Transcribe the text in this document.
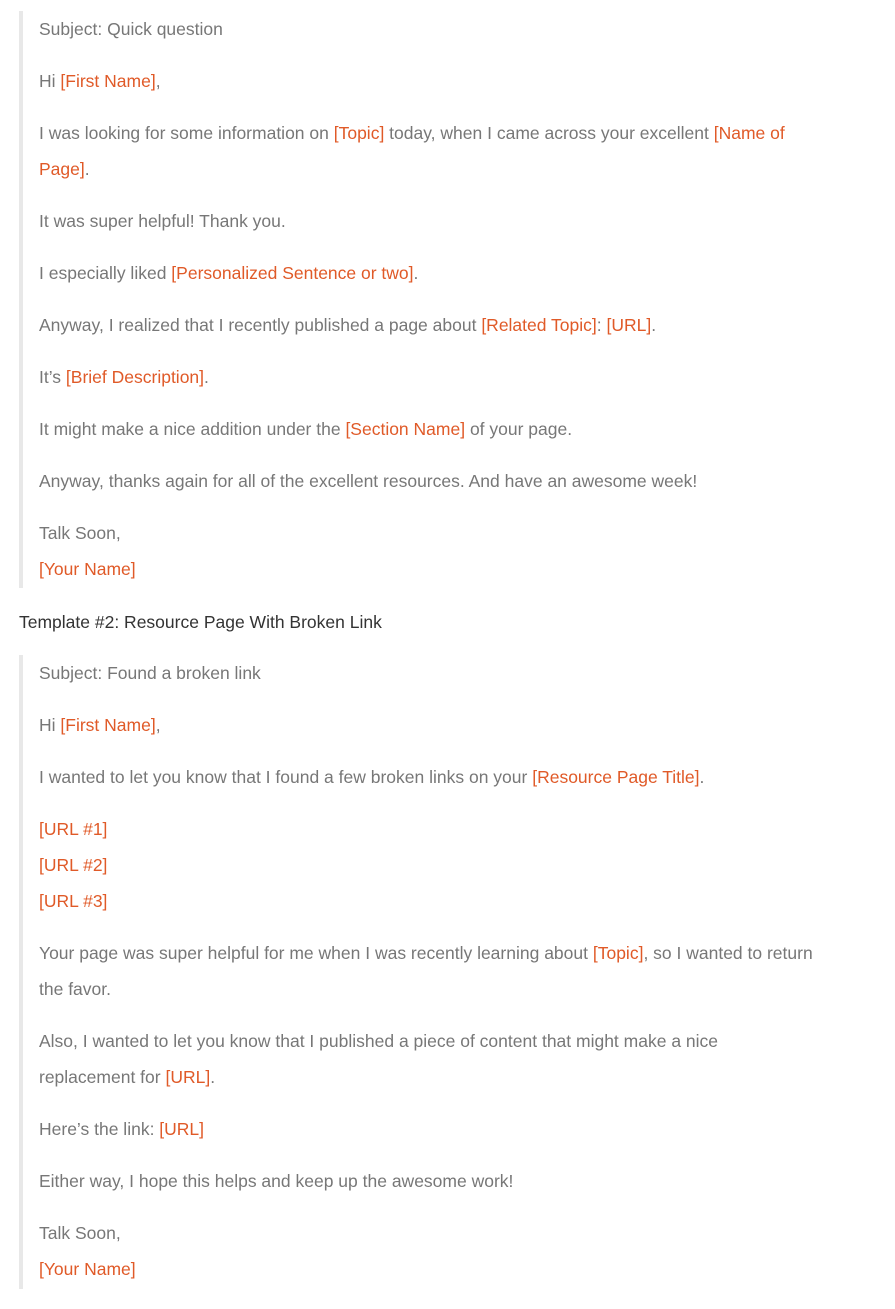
Subject: Quick question

Hi [First Name],

I was looking for some information on [Topic] today, when I came across your excellent [Name of Page].

It was super helpful! Thank you.

I especially liked [Personalized Sentence or two].

Anyway, I realized that I recently published a page about [Related Topic]: [URL].

It’s [Brief Description].

It might make a nice addition under the [Section Name] of your page.

Anyway, thanks again for all of the excellent resources. And have an awesome week!

Talk Soon,
[Your Name]

Template #2: Resource Page With Broken Link

Subject: Found a broken link

Hi [First Name],

I wanted to let you know that I found a few broken links on your [Resource Page Title].

[URL #1]
[URL #2]
[URL #3]

Your page was super helpful for me when I was recently learning about [Topic], so I wanted to return the favor.

Also, I wanted to let you know that I published a piece of content that might make a nice replacement for [URL].

Here’s the link: [URL]

Either way, I hope this helps and keep up the awesome work!

Talk Soon,
[Your Name]
